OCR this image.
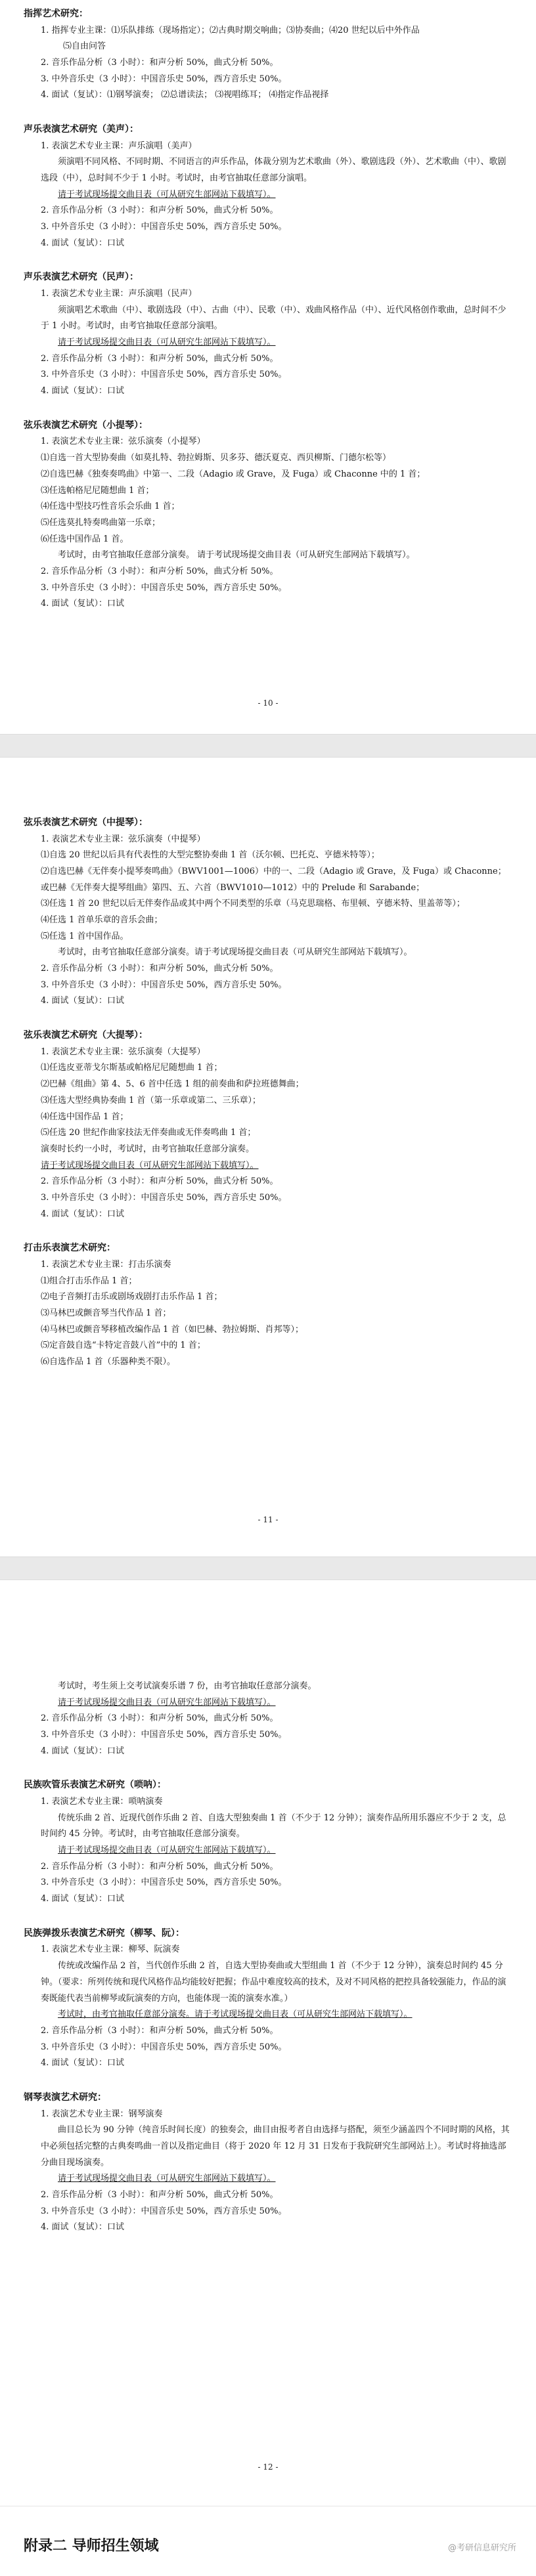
指挥艺术研究：

1. 指挥专业主课：⑴乐队排练（现场指定）；⑵古典时期交响曲；⑶协奏曲；⑷20 世纪以后中外作品

⑸自由问答

2. 音乐作品分析（3 小时）：和声分析 50%，曲式分析 50%。

3. 中外音乐史（3 小时）：中国音乐史 50%，西方音乐史 50%。

4. 面试（复试）：⑴钢琴演奏； ⑵总谱读法； ⑶视唱练耳； ⑷指定作品视择

声乐表演艺术研究（美声）：

1. 表演艺术专业主课：声乐演唱（美声）

须演唱不同风格、不同时期、不同语言的声乐作品，体裁分别为艺术歌曲（外）、歌剧选段（外）、艺术歌曲（中）、歌剧选段（中），总时间不少于 1 小时。考试时，由考官抽取任意部分演唱。

请于考试现场提交曲目表（可从研究生部网站下载填写）。

2. 音乐作品分析（3 小时）：和声分析 50%，曲式分析 50%。

3. 中外音乐史（3 小时）：中国音乐史 50%，西方音乐史 50%。

4. 面试（复试）：口试

声乐表演艺术研究（民声）：

1. 表演艺术专业主课：声乐演唱（民声）

须演唱艺术歌曲（中）、歌剧选段（中）、古曲（中）、民歌（中）、戏曲风格作品（中）、近代风格创作歌曲，总时间不少于 1 小时。考试时，由考官抽取任意部分演唱。

请于考试现场提交曲目表（可从研究生部网站下载填写）。

2. 音乐作品分析（3 小时）：和声分析 50%，曲式分析 50%。

3. 中外音乐史（3 小时）：中国音乐史 50%，西方音乐史 50%。

4. 面试（复试）：口试

弦乐表演艺术研究（小提琴）：

1. 表演艺术专业主课：弦乐演奏（小提琴）

⑴自选一首大型协奏曲（如莫扎特、勃拉姆斯、贝多芬、德沃夏克、西贝柳斯、门德尔松等）

⑵自选巴赫《独奏奏鸣曲》中第一、二段（Adagio 或 Grave，及 Fuga）或 Chaconne 中的 1 首；

⑶任选帕格尼尼随想曲 1 首；

⑷任选中型技巧性音乐会乐曲 1 首；

⑸任选莫扎特奏鸣曲第一乐章；

⑹任选中国作品 1 首。

考试时，由考官抽取任意部分演奏。 请于考试现场提交曲目表（可从研究生部网站下载填写）。

2. 音乐作品分析（3 小时）：和声分析 50%，曲式分析 50%。

3. 中外音乐史（3 小时）：中国音乐史 50%，西方音乐史 50%。

4. 面试（复试）：口试

- 10 -

弦乐表演艺术研究（中提琴）：

1. 表演艺术专业主课：弦乐演奏（中提琴）

⑴自选 20 世纪以后具有代表性的大型完整协奏曲 1 首（沃尔顿、巴托克、亨德米特等）；

⑵自选巴赫《无伴奏小提琴奏鸣曲》（BWV1001—1006）中的一、二段（Adagio 或 Grave，及 Fuga）或 Chaconne；或巴赫《无伴奏大提琴组曲》第四、五、六首（BWV1010—1012）中的 Prelude 和 Sarabande；

⑶任选 1 首 20 世纪以后无伴奏作品或其中两个不同类型的乐章（马克思瑞格、布里顿、亨德米特、里盖蒂等）；

⑷任选 1 首单乐章的音乐会曲；

⑸任选 1 首中国作品。

考试时，由考官抽取任意部分演奏。请于考试现场提交曲目表（可从研究生部网站下载填写）。

2. 音乐作品分析（3 小时）：和声分析 50%，曲式分析 50%。

3. 中外音乐史（3 小时）：中国音乐史 50%，西方音乐史 50%。

4. 面试（复试）：口试

弦乐表演艺术研究（大提琴）：

1. 表演艺术专业主课：弦乐演奏（大提琴）

⑴任选皮亚蒂戈尔斯基或帕格尼尼随想曲 1 首；

⑵巴赫《组曲》第 4、5、6 首中任选 1 组的前奏曲和萨拉班德舞曲；

⑶任选大型经典协奏曲 1 首（第一乐章或第二、三乐章）；

⑷任选中国作品 1 首；

⑸任选 20 世纪作曲家技法无伴奏曲或无伴奏鸣曲 1 首；

演奏时长约一小时，考试时，由考官抽取任意部分演奏。

请于考试现场提交曲目表（可从研究生部网站下载填写）。

2. 音乐作品分析（3 小时）：和声分析 50%，曲式分析 50%。

3. 中外音乐史（3 小时）：中国音乐史 50%，西方音乐史 50%。

4. 面试（复试）：口试

打击乐表演艺术研究：

1. 表演艺术专业主课：打击乐演奏

⑴组合打击乐作品 1 首；

⑵电子音频打击乐或剧场戏剧打击乐作品 1 首；

⑶马林巴或颤音琴当代作品 1 首；

⑷马林巴或颤音琴移植改编作品 1 首（如巴赫、勃拉姆斯、肖邦等）；

⑸定音鼓自选“卡特定音鼓八首”中的 1 首；

⑹自选作品 1 首（乐器种类不限）。

- 11 -

考试时，考生须上交考试演奏乐谱 7 份，由考官抽取任意部分演奏。

请于考试现场提交曲目表（可从研究生部网站下载填写）。

2. 音乐作品分析（3 小时）：和声分析 50%，曲式分析 50%。

3. 中外音乐史（3 小时）：中国音乐史 50%，西方音乐史 50%。

4. 面试（复试）：口试

民族吹管乐表演艺术研究（唢呐）：

1. 表演艺术专业主课：唢呐演奏

传统乐曲 2 首、近现代创作乐曲 2 首、自选大型独奏曲 1 首（不少于 12 分钟）；演奏作品所用乐器应不少于 2 支，总时间约 45 分钟。考试时，由考官抽取任意部分演奏。

请于考试现场提交曲目表（可从研究生部网站下载填写）。

2. 音乐作品分析（3 小时）：和声分析 50%，曲式分析 50%。

3. 中外音乐史（3 小时）：中国音乐史 50%，西方音乐史 50%。

4. 面试（复试）：口试

民族弹拨乐表演艺术研究（柳琴、阮）：

1. 表演艺术专业主课：柳琴、阮演奏

传统或改编作品 2 首，当代创作乐曲 2 首，自选大型协奏曲或大型组曲 1 首（不少于 12 分钟），演奏总时间约 45 分钟。（要求：所列传统和现代风格作品均能较好把握；作品中难度较高的技术，及对不同风格的把控具备较强能力，作品的演奏既能代表当前柳琴或阮演奏的方向，也能体现一流的演奏水准。）

考试时，由考官抽取任意部分演奏。请于考试现场提交曲目表（可从研究生部网站下载填写）。

2. 音乐作品分析（3 小时）：和声分析 50%，曲式分析 50%。

3. 中外音乐史（3 小时）：中国音乐史 50%，西方音乐史 50%。

4. 面试（复试）：口试

钢琴表演艺术研究：

1. 表演艺术专业主课：钢琴演奏

曲目总长为 90 分钟（纯音乐时间长度）的独奏会，曲目由报考者自由选择与搭配，须至少涵盖四个不同时期的风格，其中必须包括完整的古典奏鸣曲一首以及指定曲目（将于 2020 年 12 月 31 日发布于我院研究生部网站上）。考试时将抽选部分曲目现场演奏。

请于考试现场提交曲目表（可从研究生部网站下载填写）。

2. 音乐作品分析（3 小时）：和声分析 50%，曲式分析 50%。

3. 中外音乐史（3 小时）：中国音乐史 50%，西方音乐史 50%。

4. 面试（复试）：口试

- 12 -
附录二 导师招生领域	@考研信息研究所
